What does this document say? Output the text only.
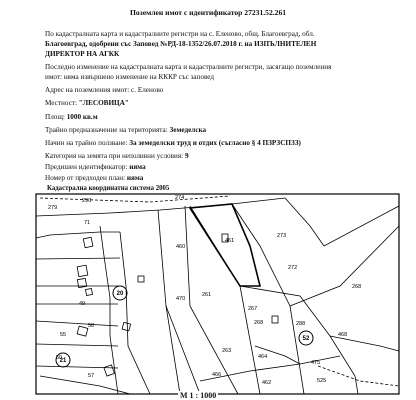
Поземлен имот с идентификатор 27231.52.261
По кадастралната карта и кадастралните регистри на с. Еленово, общ. Благоевград, обл.
Благоевград, одобрени със Заповед №РД-18-1352/26.07.2018 г. на ИЗПЪЛНИТЕЛЕН
ДИРЕКТОР НА АГКК
Последно изменение на кадастралната карта и кадастралните регистри, засягащо поземления
имот: няма извършено изменение на КККР със заповед
Адрес на поземления имот: с. Еленово
Местност: "ЛЕСОВИЦА"
Площ: 1000 кв.м
Трайно предназначение на територията: Земеделска
Начин на трайно ползване: За земеделски труд и отдих (съгласно § 4 ПЗРЗСПЗЗ)
Категория на земята при неполивни условия: 9
Предишен идентификатор: няма
Номер от предходен план: няма
Кадастрална координатна система 2005
279
290
71
49
58
55
50
57
274
460
470
461
273
272
268
261
267
268
468
464
288
475
525
263
466
462
20
21
52
М 1 : 1000
